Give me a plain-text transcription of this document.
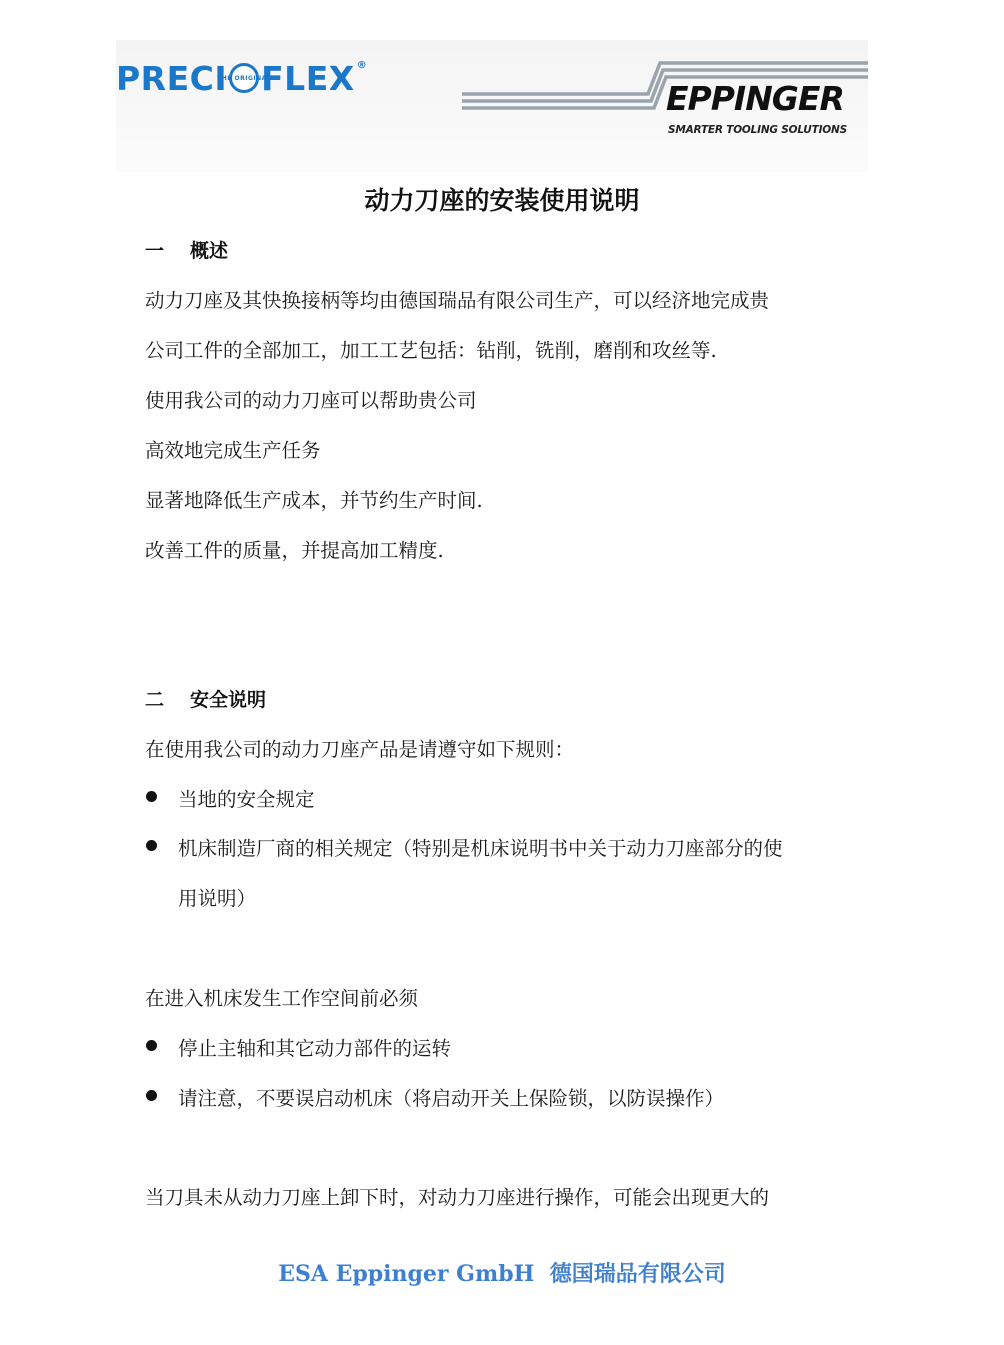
PRECI
THE ORIGINAL
FLEX ®
EPPINGER
SMARTER TOOLING SOLUTIONS
动力刀座的安装使用说明
一 概述
动力刀座及其快换接柄等均由德国瑞品有限公司生产，可以经济地完成贵
公司工件的全部加工，加工工艺包括：钻削，铣削，磨削和攻丝等.
使用我公司的动力刀座可以帮助贵公司
高效地完成生产任务
显著地降低生产成本，并节约生产时间.
改善工件的质量，并提高加工精度.
二 安全说明
在使用我公司的动力刀座产品是请遵守如下规则：
当地的安全规定
机床制造厂商的相关规定（特别是机床说明书中关于动力刀座部分的使
用说明）
在进入机床发生工作空间前必须
停止主轴和其它动力部件的运转
请注意，不要误启动机床（将启动开关上保险锁，以防误操作）
当刀具未从动力刀座上卸下时，对动力刀座进行操作，可能会出现更大的
ESA Eppinger GmbH 德国瑞品有限公司
